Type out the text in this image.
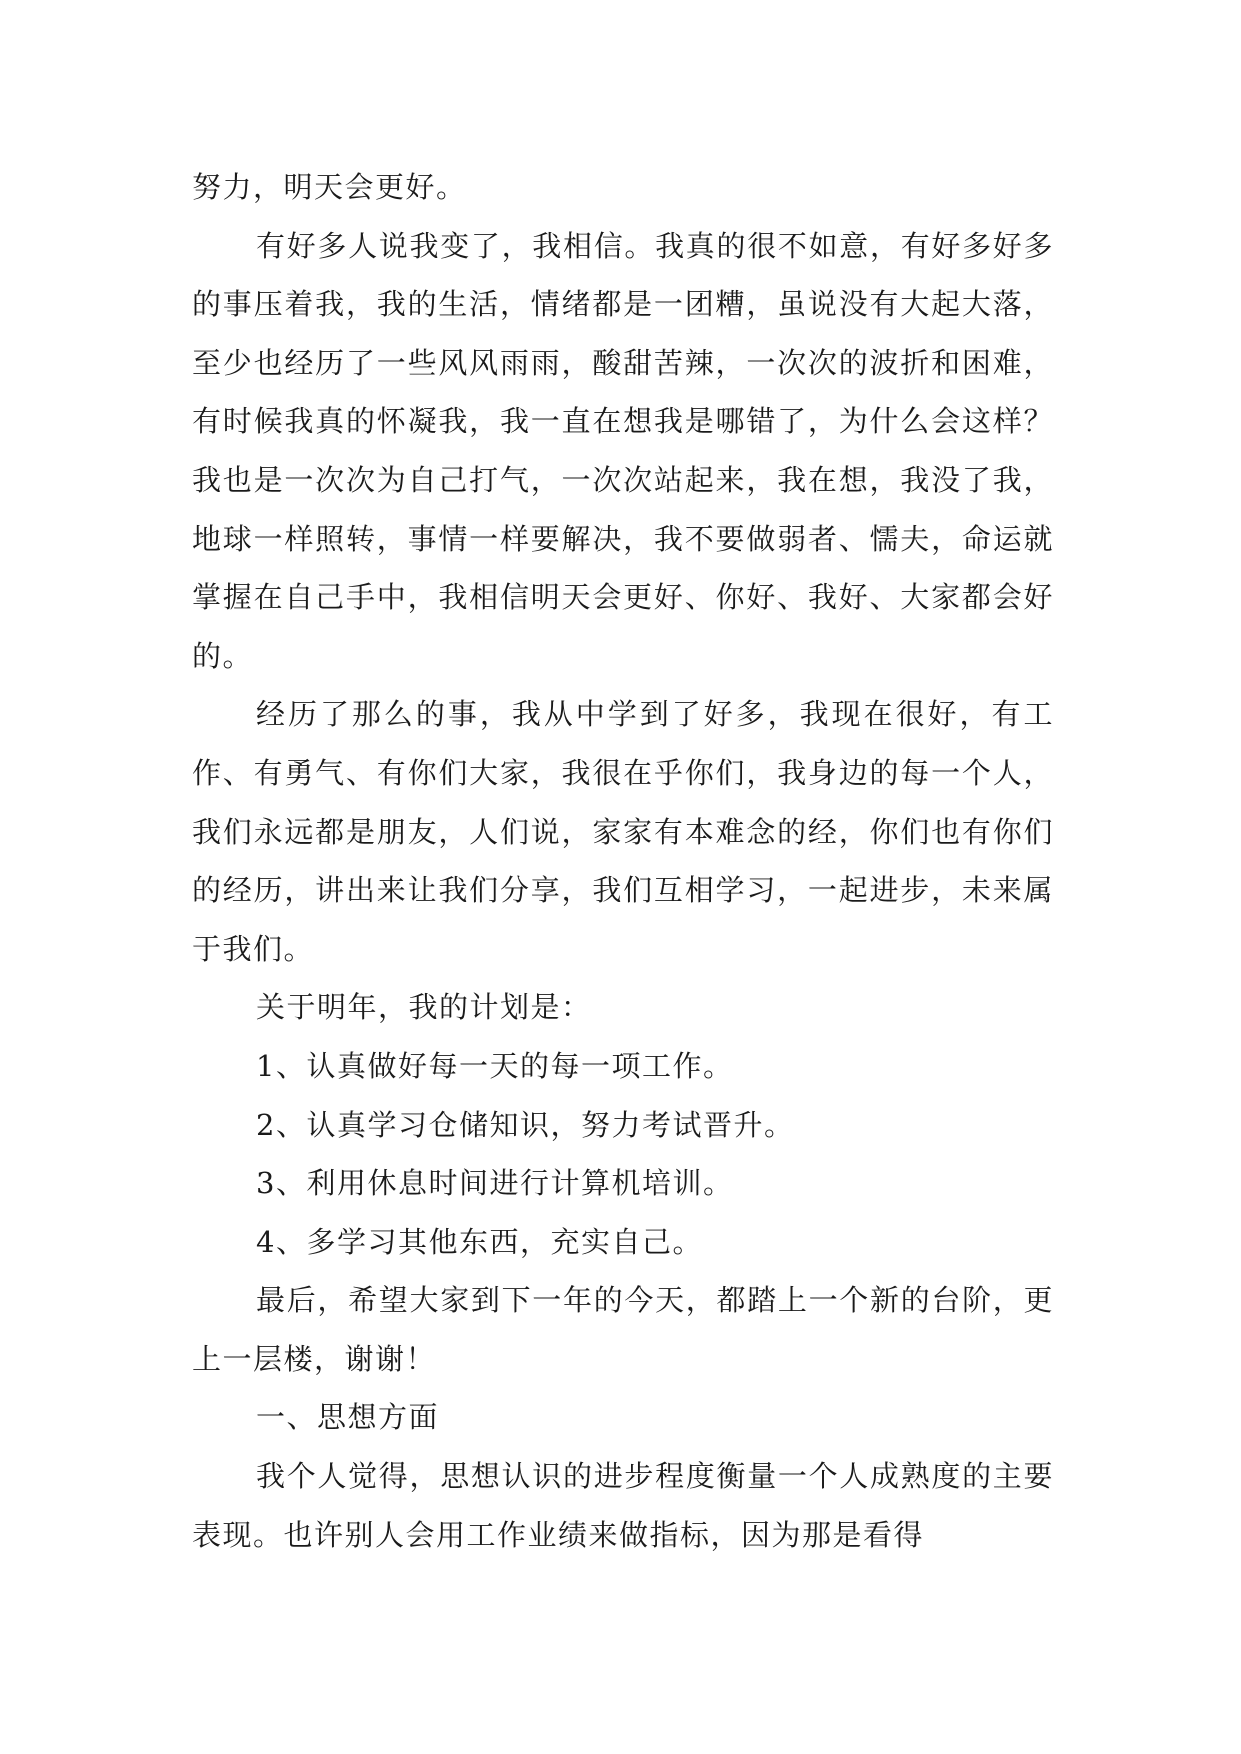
努力，明天会更好。

有好多人说我变了，我相信。我真的很不如意，有好多好多的事压着我，我的生活，情绪都是一团糟，虽说没有大起大落，至少也经历了一些风风雨雨，酸甜苦辣，一次次的波折和困难，有时候我真的怀凝我，我一直在想我是哪错了，为什么会这样？我也是一次次为自己打气，一次次站起来，我在想，我没了我，地球一样照转，事情一样要解决，我不要做弱者、懦夫，命运就掌握在自己手中，我相信明天会更好、你好、我好、大家都会好的。

经历了那么的事，我从中学到了好多，我现在很好，有工作、有勇气、有你们大家，我很在乎你们，我身边的每一个人，我们永远都是朋友，人们说，家家有本难念的经，你们也有你们的经历，讲出来让我们分享，我们互相学习，一起进步，未来属于我们。

关于明年，我的计划是：

1、认真做好每一天的每一项工作。

2、认真学习仓储知识，努力考试晋升。

3、利用休息时间进行计算机培训。

4、多学习其他东西，充实自己。

最后，希望大家到下一年的今天，都踏上一个新的台阶，更上一层楼，谢谢！

一、思想方面

我个人觉得，思想认识的进步程度衡量一个人成熟度的主要表现。也许别人会用工作业绩来做指标，因为那是看得
